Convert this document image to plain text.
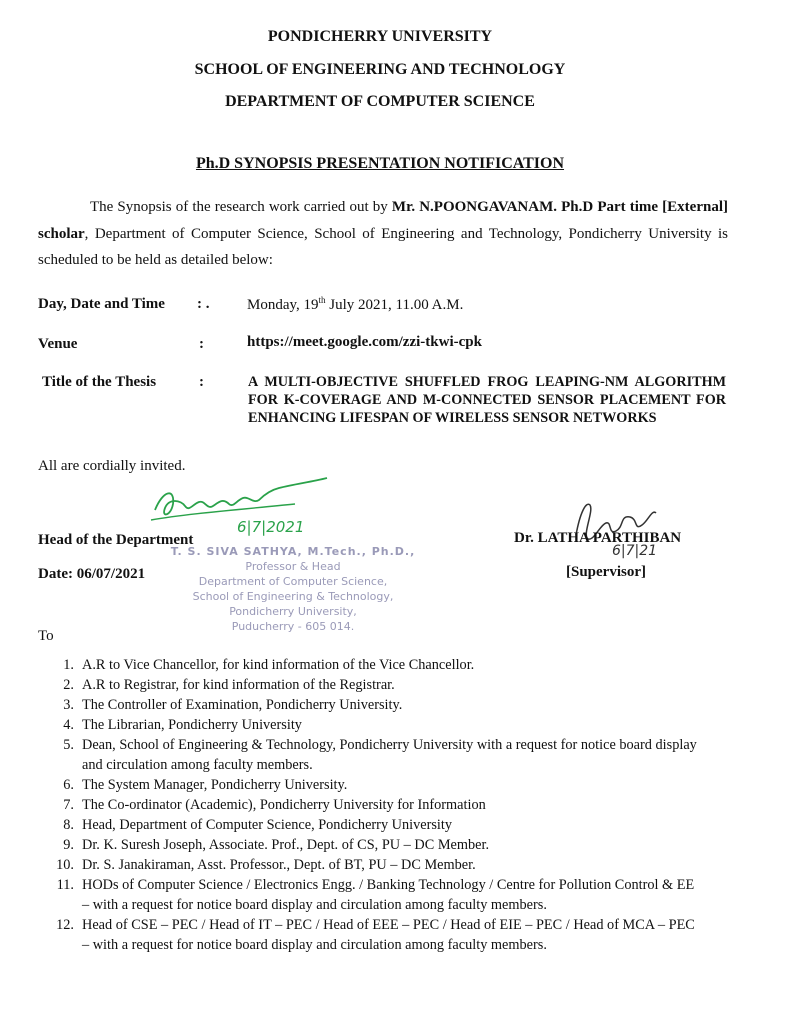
PONDICHERRY UNIVERSITY
SCHOOL OF ENGINEERING AND TECHNOLOGY
DEPARTMENT OF COMPUTER SCIENCE
Ph.D SYNOPSIS PRESENTATION NOTIFICATION
The Synopsis of the research work carried out by Mr. N.POONGAVANAM. Ph.D Part time [External] scholar, Department of Computer Science, School of Engineering and Technology, Pondicherry University is scheduled to be held as detailed below:
Day, Date and Time : .	Monday, 19th July 2021, 11.00 A.M.
Venue	:	https://meet.google.com/zzi-tkwi-cpk
Title of the Thesis	:	A MULTI-OBJECTIVE SHUFFLED FROG LEAPING-NM ALGORITHM FOR K-COVERAGE AND M-CONNECTED SENSOR PLACEMENT FOR ENHANCING LIFESPAN OF WIRELESS SENSOR NETWORKS
All are cordially invited.
6|7|2021
Head of the Department
Date: 06/07/2021
T. S. SIVA SATHYA, M.Tech., Ph.D.,
Professor & Head
Department of Computer Science,
School of Engineering & Technology,
Pondicherry University,
Puducherry - 605 014.
6|7|21
Dr. LATHA PARTHIBAN
[Supervisor]
To
1. A.R to Vice Chancellor, for kind information of the Vice Chancellor.
2. A.R to Registrar, for kind information of the Registrar.
3. The Controller of Examination, Pondicherry University.
4. The Librarian, Pondicherry University
5. Dean, School of Engineering & Technology, Pondicherry University with a request for notice board display and circulation among faculty members.
6. The System Manager, Pondicherry University.
7. The Co-ordinator (Academic), Pondicherry University for Information
8. Head, Department of Computer Science, Pondicherry University
9. Dr. K. Suresh Joseph, Associate. Prof., Dept. of CS, PU – DC Member.
10. Dr. S. Janakiraman, Asst. Professor., Dept. of BT, PU – DC Member.
11. HODs of Computer Science / Electronics Engg. / Banking Technology / Centre for Pollution Control & EE – with a request for notice board display and circulation among faculty members.
12. Head of CSE – PEC / Head of IT – PEC / Head of EEE – PEC / Head of EIE – PEC / Head of MCA – PEC – with a request for notice board display and circulation among faculty members.
